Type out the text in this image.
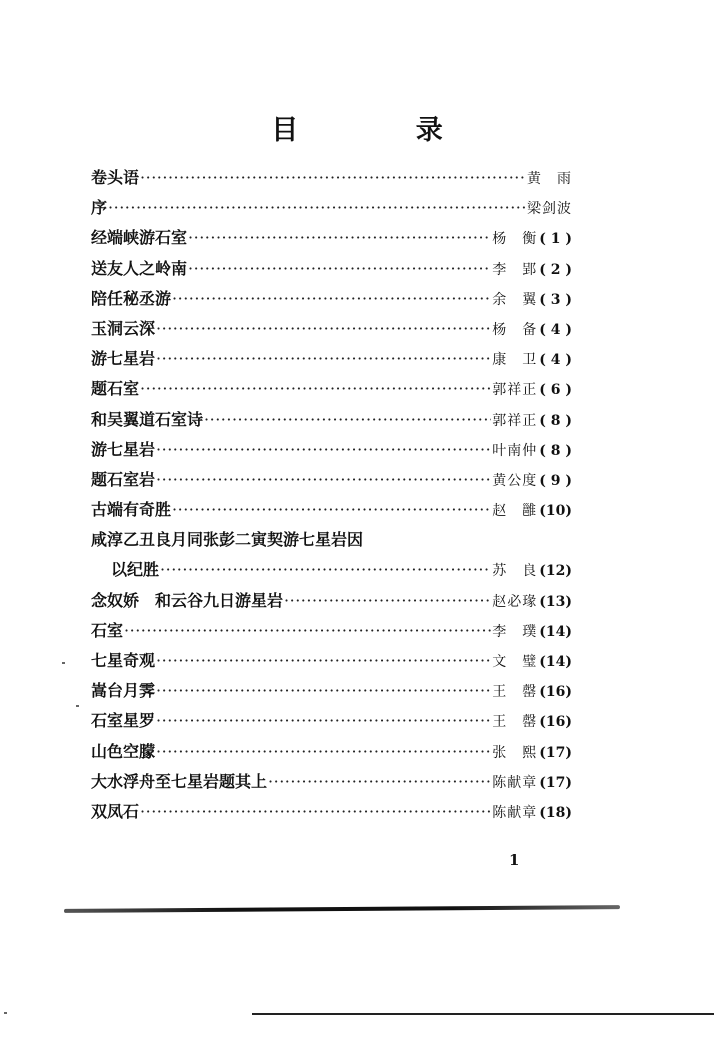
目 录
卷头语 ·····	黄　雨
序 ·····	梁剑波
经端峡游石室 ·····	杨　衡 ( 1 )
送友人之岭南 ·····	李　郢 ( 2 )
陪任秘丞游 ·····	余　翼 ( 3 )
玉洞云深 ·····	杨　备 ( 4 )
游七星岩 ·····	康　卫 ( 4 )
题石室 ·····	郭祥正 ( 6 )
和吴翼道石室诗 ·····	郭祥正 ( 8 )
游七星岩 ·····	叶南仲 ( 8 )
题石室岩 ·····	黄公度 ( 9 )
古端有奇胜 ·····	赵　雝 (10)
咸淳乙丑良月同张彭二寅契游七星岩因
以纪胜 ·····	苏　良 (12)
念奴娇　和云谷九日游星岩 ·····	赵必瑑 (13)
石室 ·····	李　璞 (14)
七星奇观 ·····	文　璧 (14)
嵩台月霁 ·····	王　罄 (16)
石室星罗 ·····	王　罄 (16)
山色空朦 ·····	张　熙 (17)
大水浮舟至七星岩题其上 ·····	陈献章 (17)
双凤石 ·····	陈献章 (18)
1
